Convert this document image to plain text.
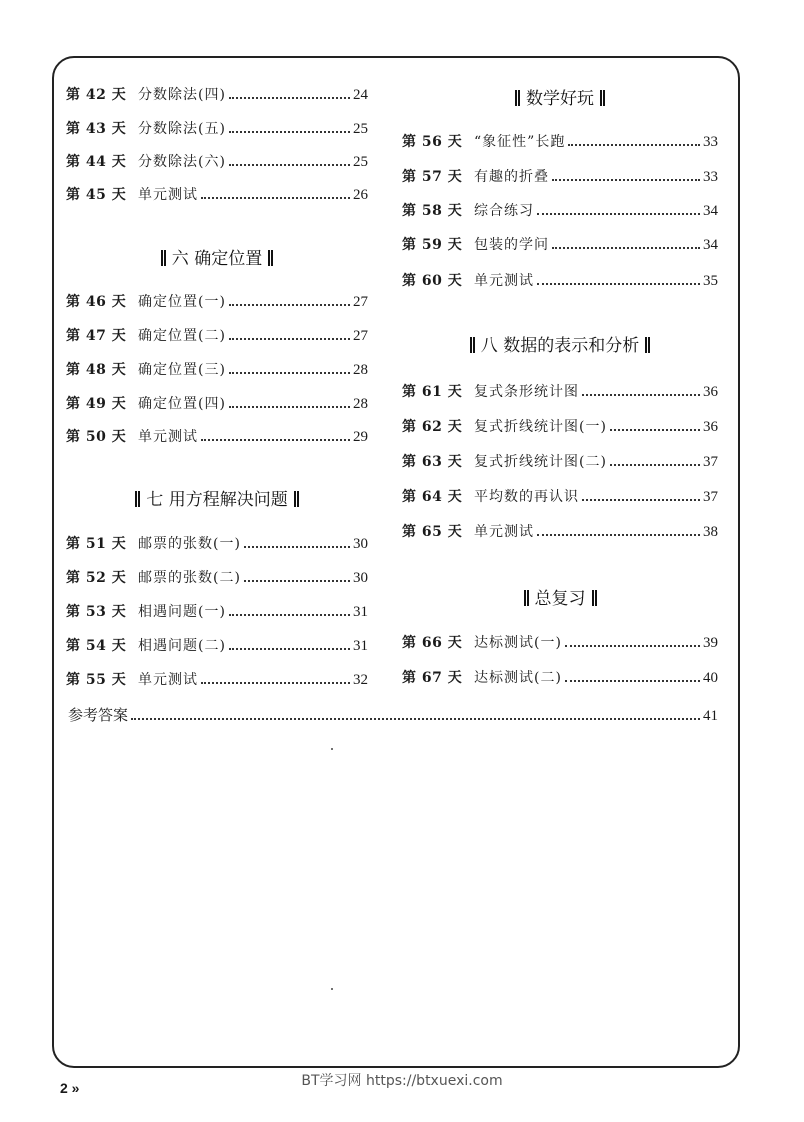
第 42 天 分数除法(四)	24
第 43 天 分数除法(五)	25
第 44 天 分数除法(六)	25
第 45 天 单元测试	26
六 确定位置
第 46 天 确定位置(一)	27
第 47 天 确定位置(二)	27
第 48 天 确定位置(三)	28
第 49 天 确定位置(四)	28
第 50 天 单元测试	29
七 用方程解决问题
第 51 天 邮票的张数(一)	30
第 52 天 邮票的张数(二)	30
第 53 天 相遇问题(一)	31
第 54 天 相遇问题(二)	31
第 55 天 单元测试	32
数学好玩
第 56 天 “象征性”长跑	33
第 57 天 有趣的折叠	33
第 58 天 综合练习	34
第 59 天 包装的学问	34
第 60 天 单元测试	35
八 数据的表示和分析
第 61 天 复式条形统计图	36
第 62 天 复式折线统计图(一)	36
第 63 天 复式折线统计图(二)	37
第 64 天 平均数的再认识	37
第 65 天 单元测试	38
总复习
第 66 天 达标测试(一)	39
第 67 天 达标测试(二)	40
参考答案	41
2 »	BT学习网 https://btxuexi.com
